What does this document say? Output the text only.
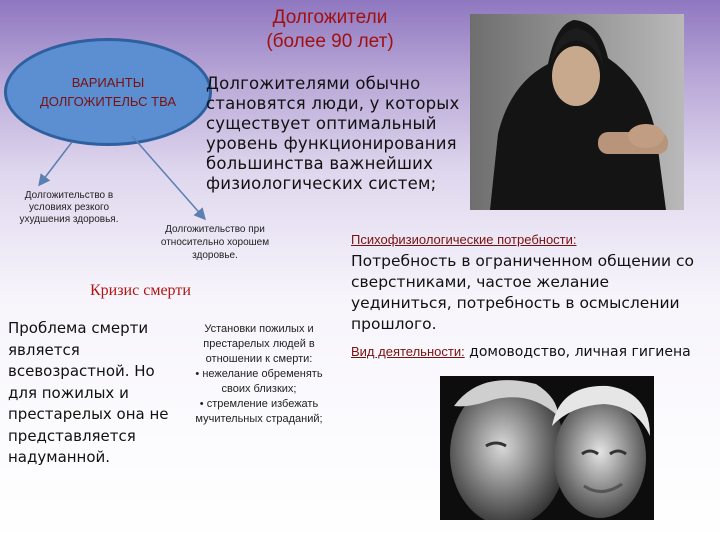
Долгожители
(более 90 лет)
ВАРИАНТЫ ДОЛГОЖИТЕЛЬС ТВА
Долгожительство в условиях резкого ухудшения здоровья.
Долгожительство при относительно хорошем здоровье.
Долгожителями обычно становятся люди, у которых существует оптимальный уровень функционирования большинства важнейших физиологических систем;
Кризис смерти
Проблема смерти является всевозрастной. Но для пожилых и престарелых она не представляется надуманной.
Установки пожилых и престарелых людей в отношении к смерти:
• нежелание обременять своих близких;
• стремление избежать мучительных страданий;
Психофизиологические потребности:
Потребность в ограниченном общении со сверстниками, частое желание уединиться, потребность в осмыслении прошлого.
Вид деятельности: домоводство, личная гигиена
